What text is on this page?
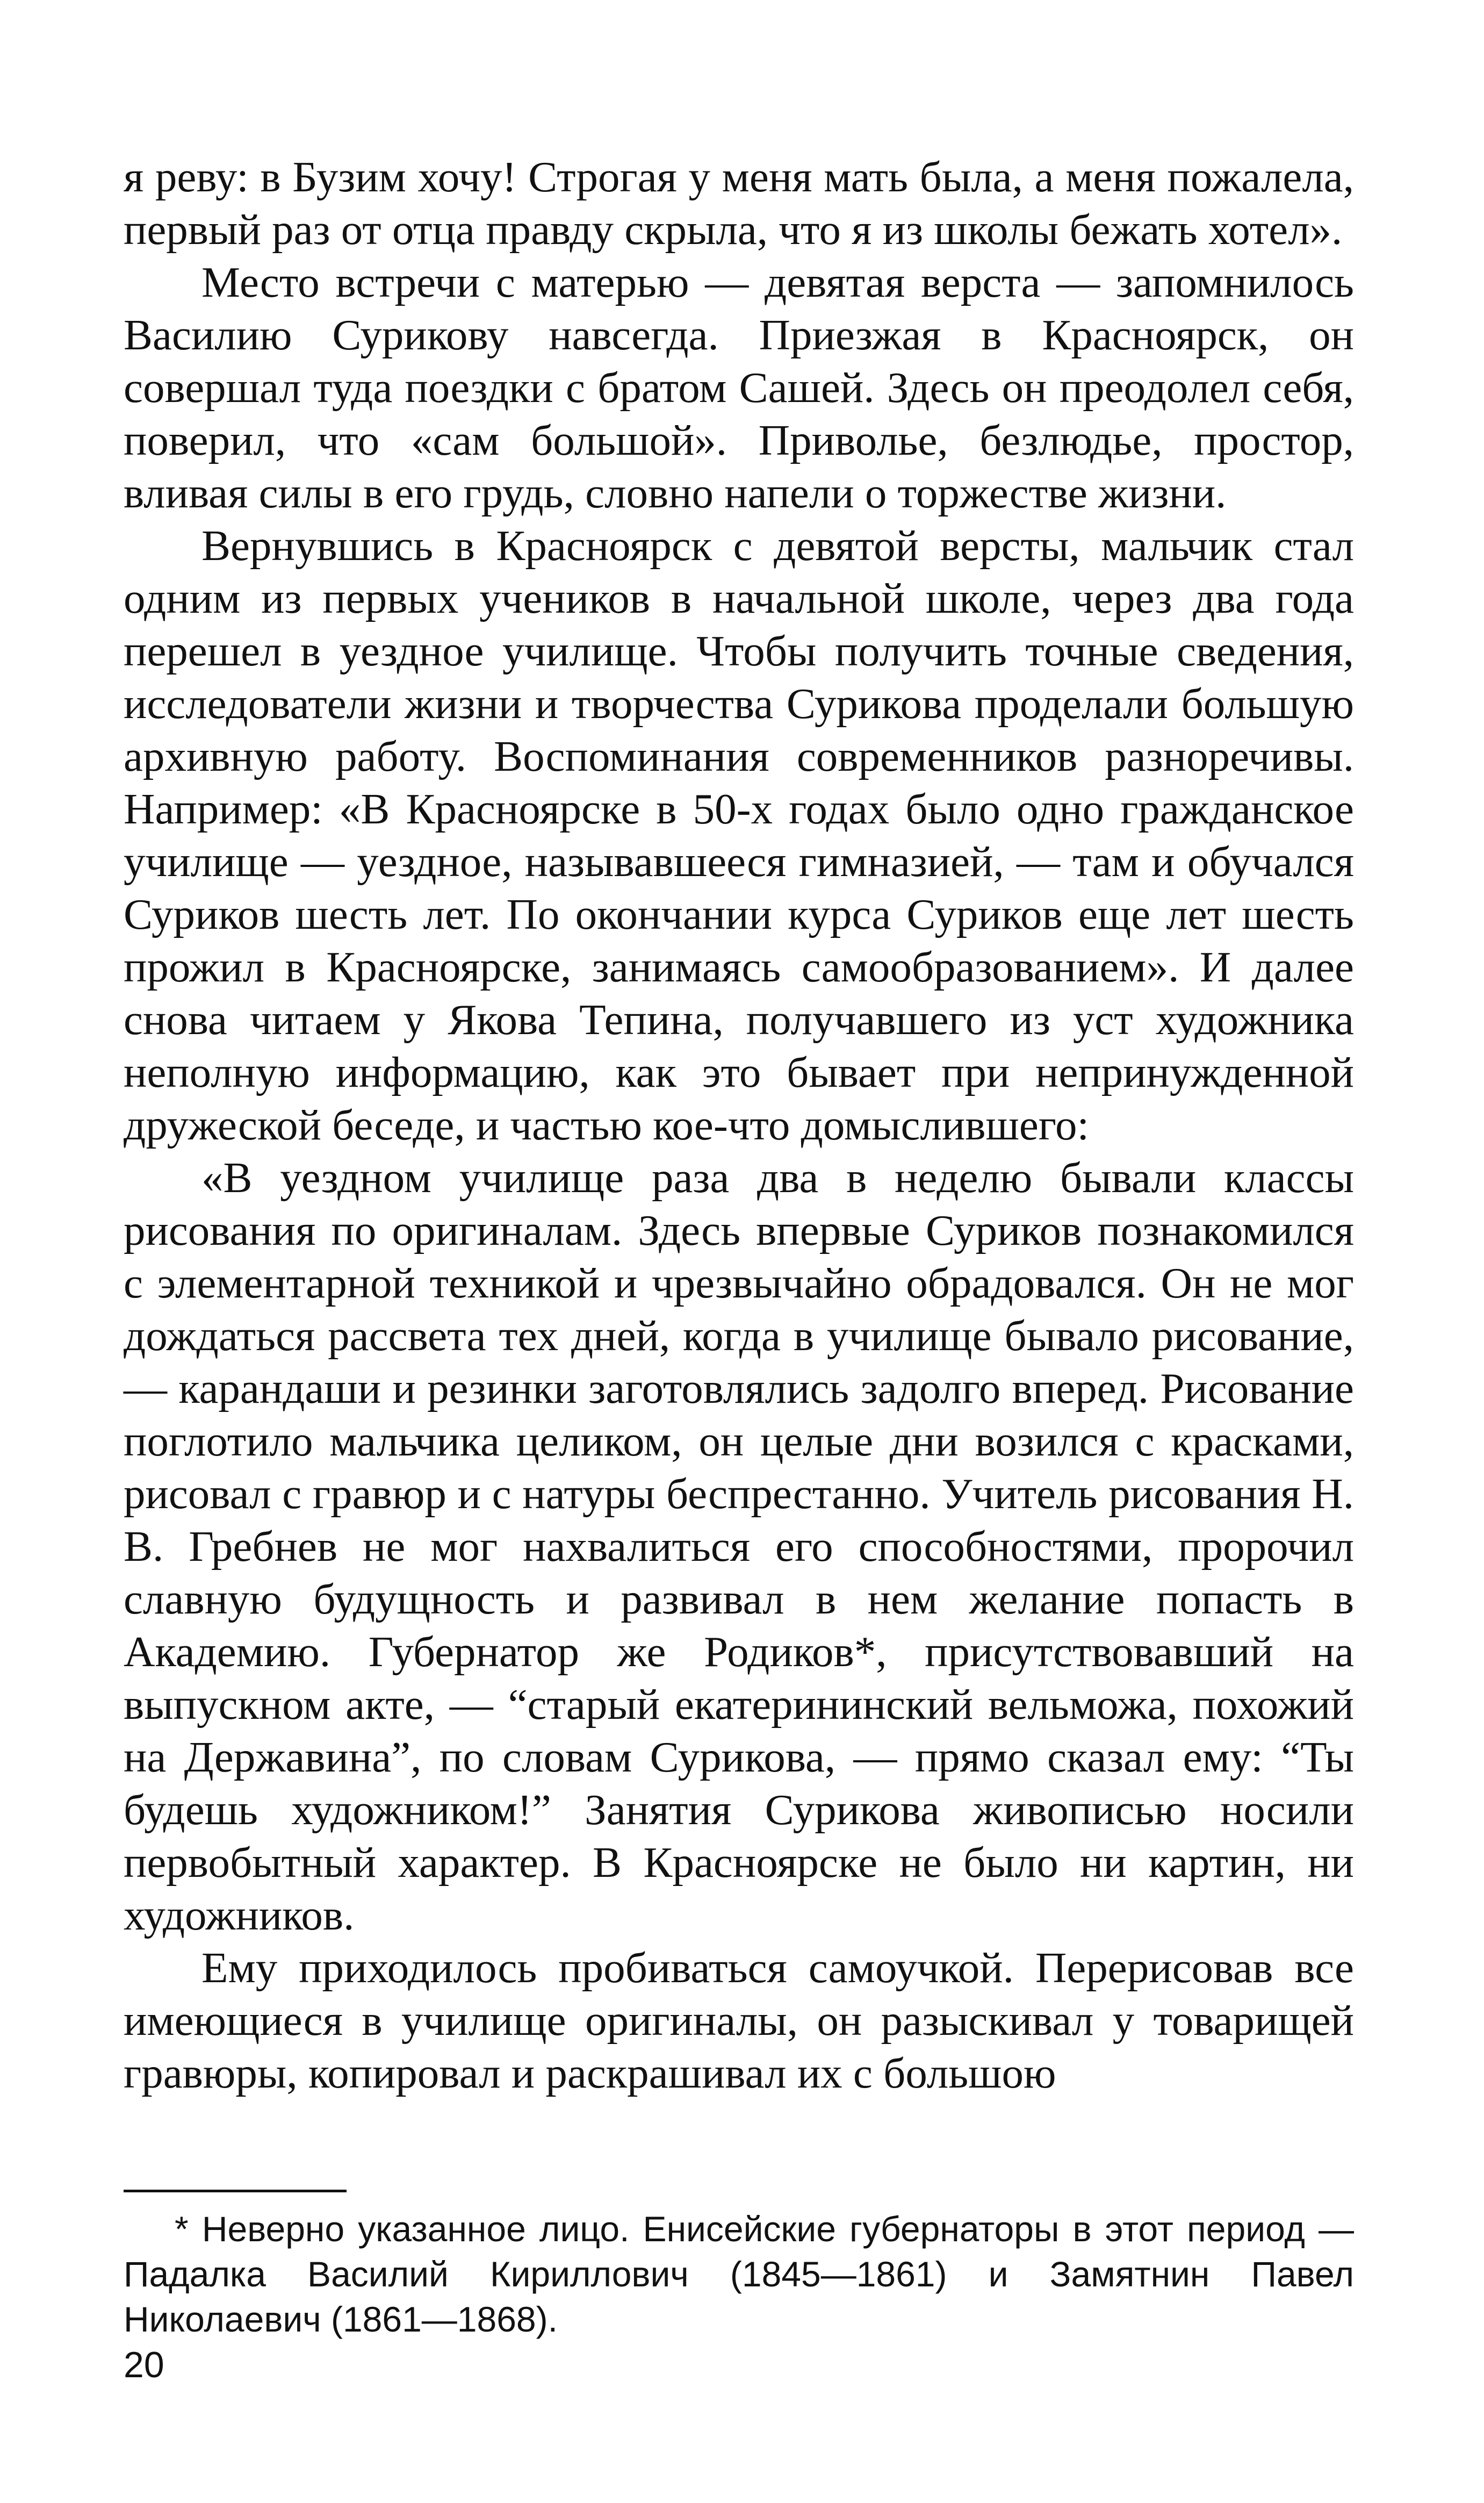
я реву: в Бузим хочу! Строгая у меня мать была, а меня пожалела, первый раз от отца правду скрыла, что я из школы бежать хотел».

Место встречи с матерью — девятая верста — запомнилось Василию Сурикову навсегда. Приезжая в Красноярск, он совершал туда поездки с братом Сашей. Здесь он преодолел себя, поверил, что «сам большой». Приволье, безлюдье, простор, вливая силы в его грудь, словно напели о торжестве жизни.

Вернувшись в Красноярск с девятой версты, мальчик стал одним из первых учеников в начальной школе, через два года перешел в уездное училище. Чтобы получить точные сведения, исследователи жизни и творчества Сурикова проделали большую архивную работу. Воспоминания современников разноречивы. Например: «В Красноярске в 50-х годах было одно гражданское училище — уездное, называвшееся гимназией, — там и обучался Суриков шесть лет. По окончании курса Суриков еще лет шесть прожил в Красноярске, занимаясь самообразованием». И далее снова читаем у Якова Тепина, получавшего из уст художника неполную информацию, как это бывает при непринужденной дружеской беседе, и частью кое-что домыслившего:

«В уездном училище раза два в неделю бывали классы рисования по оригиналам. Здесь впервые Суриков познакомился с элементарной техникой и чрезвычайно обрадовался. Он не мог дождаться рассвета тех дней, когда в училище бывало рисование, — карандаши и резинки заготовлялись задолго вперед. Рисование поглотило мальчика целиком, он целые дни возился с красками, рисовал с гравюр и с натуры беспрестанно. Учитель рисования Н. В. Гребнев не мог нахвалиться его способностями, пророчил славную будущность и развивал в нем желание попасть в Академию. Губернатор же Родиков*, присутствовавший на выпускном акте, — “старый екатерининский вельможа, похожий на Державина”, по словам Сурикова, — прямо сказал ему: “Ты будешь художником!” Занятия Сурикова живописью носили первобытный характер. В Красноярске не было ни картин, ни художников.

Ему приходилось пробиваться самоучкой. Перерисовав все имеющиеся в училище оригиналы, он разыскивал у товарищей гравюры, копировал и раскрашивал их с большою

* Неверно указанное лицо. Енисейские губернаторы в этот период — Падалка Василий Кириллович (1845—1861) и Замятнин Павел Николаевич (1861—1868).
20
